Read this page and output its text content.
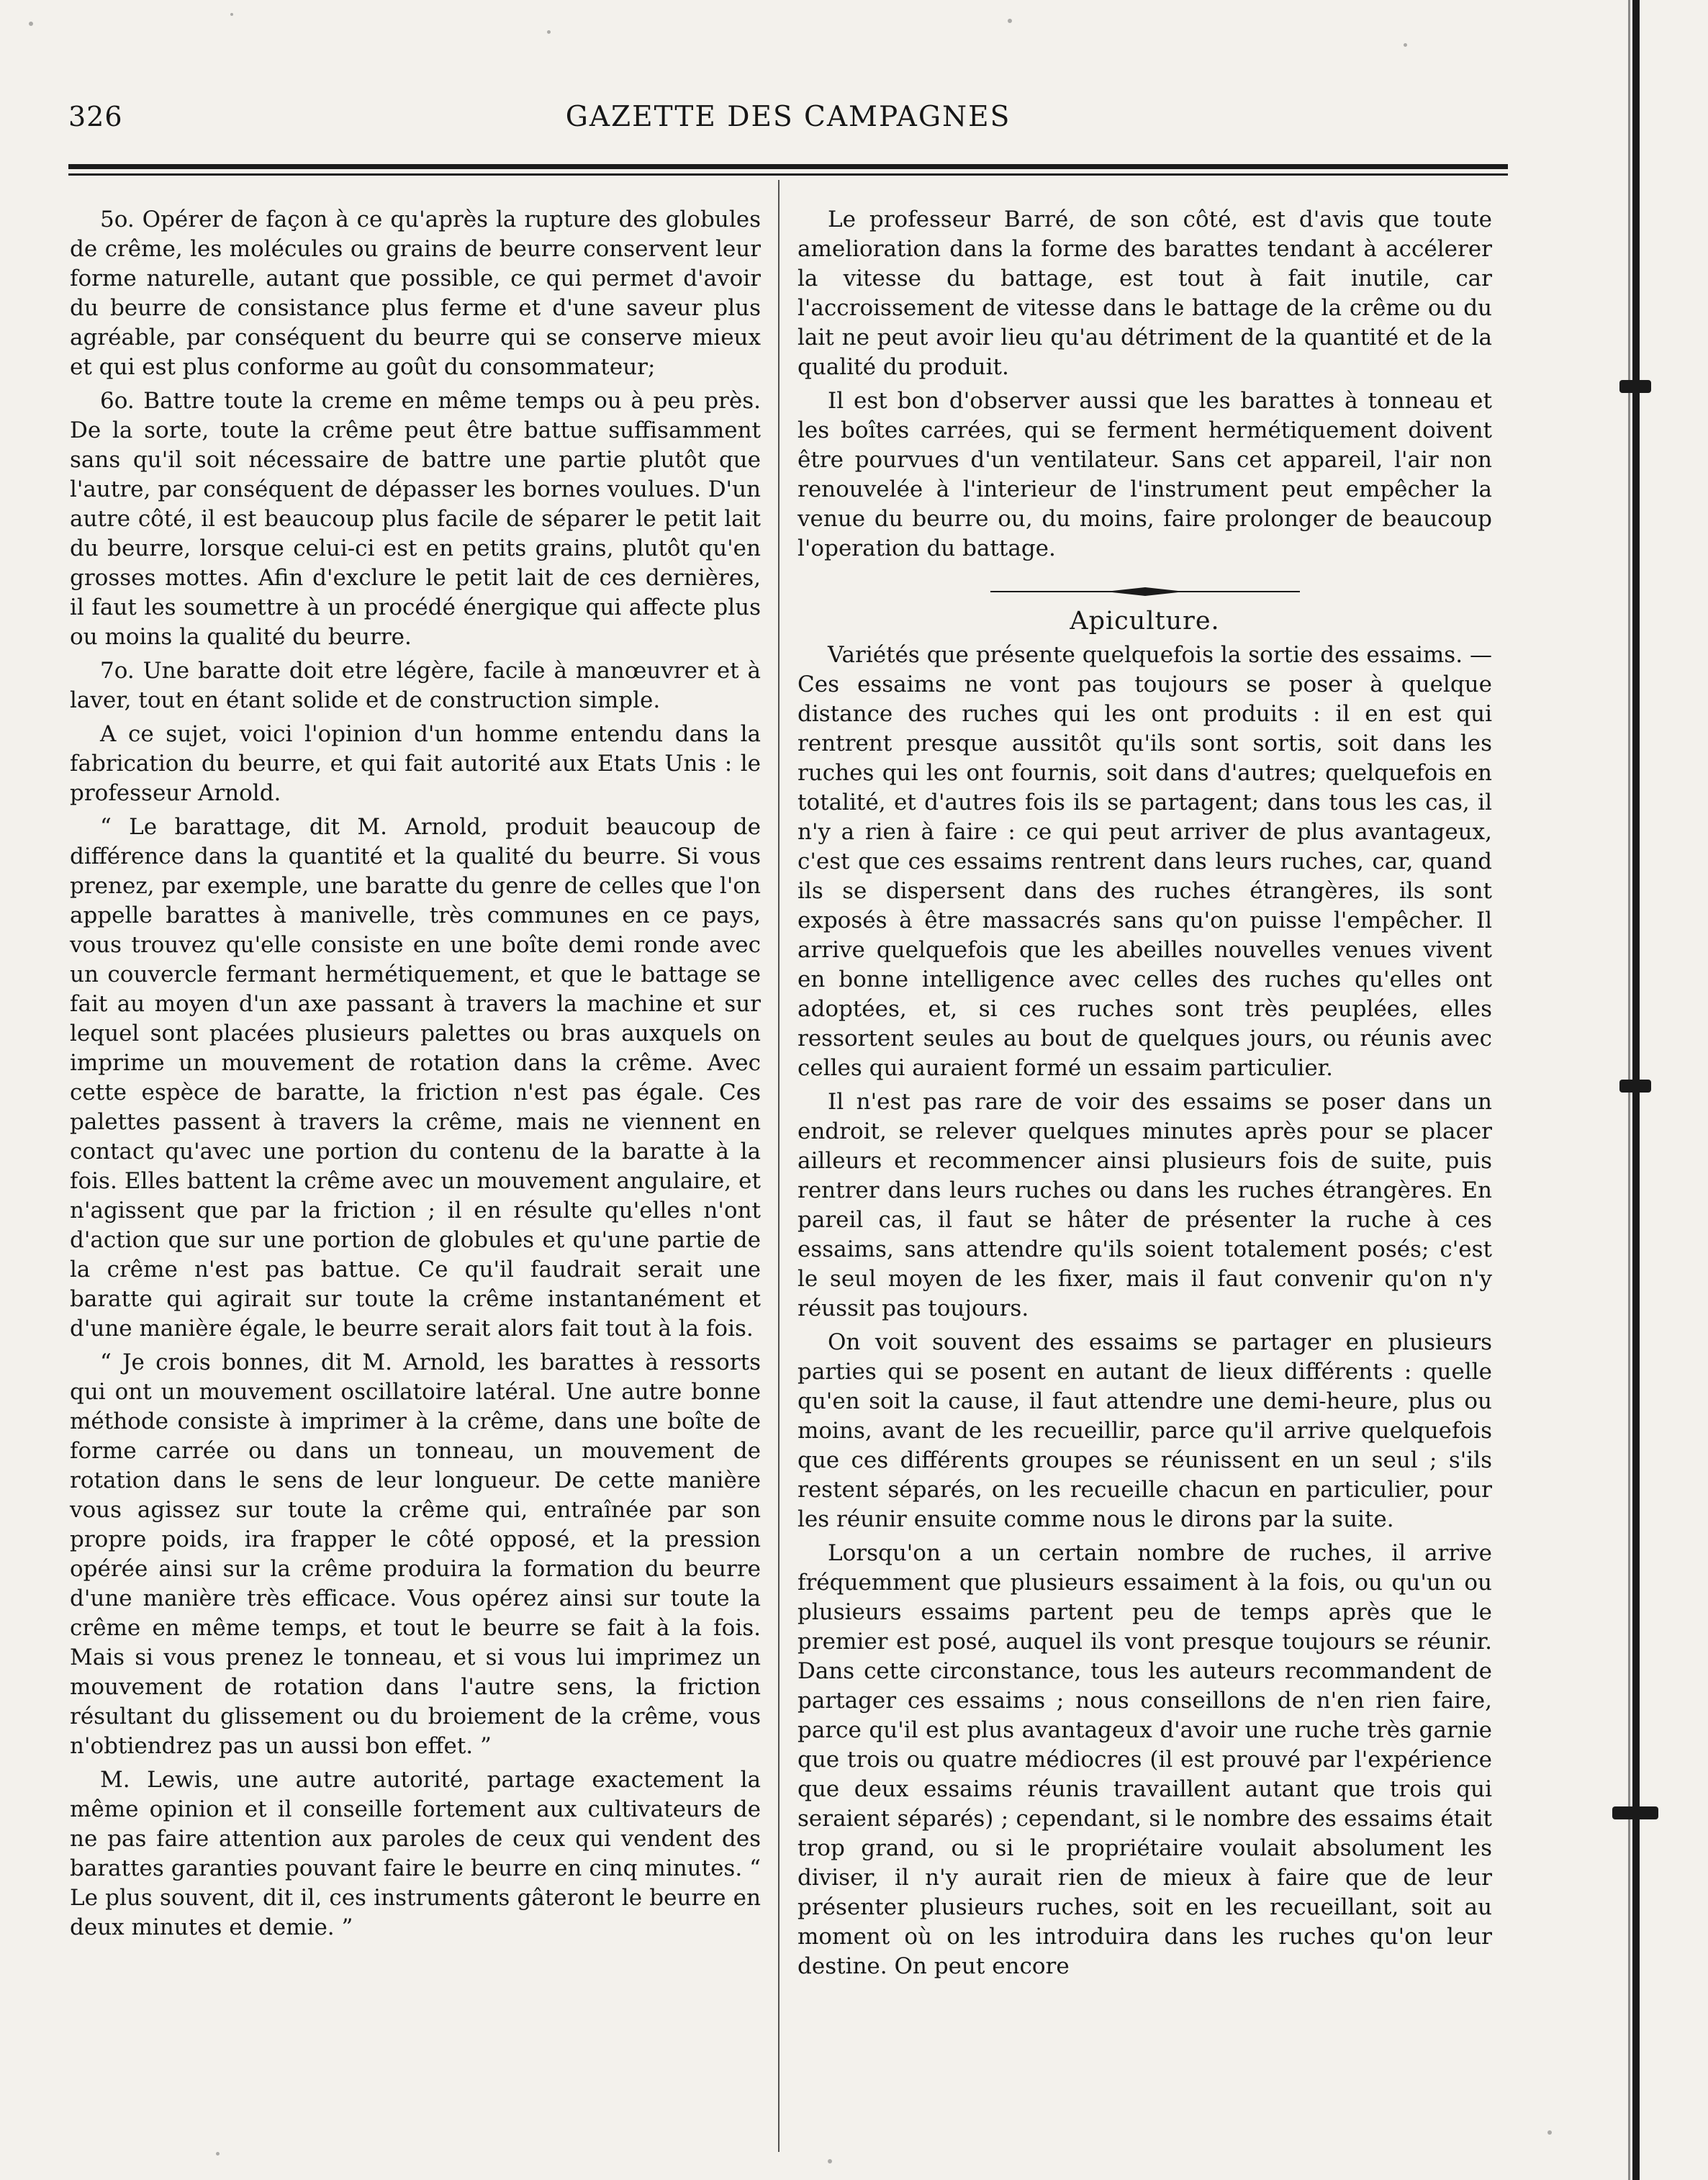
326	GAZETTE DES CAMPAGNES

5o. Opérer de façon à ce qu'après la rupture des globules de crême, les molécules ou grains de beurre conservent leur forme naturelle, autant que possible, ce qui permet d'avoir du beurre de consistance plus ferme et d'une saveur plus agréable, par conséquent du beurre qui se conserve mieux et qui est plus conforme au goût du consommateur;

6o. Battre toute la creme en même temps ou à peu près. De la sorte, toute la crême peut être battue suffisamment sans qu'il soit nécessaire de battre une partie plutôt que l'autre, par conséquent de dépasser les bornes voulues. D'un autre côté, il est beaucoup plus facile de séparer le petit lait du beurre, lorsque celui-ci est en petits grains, plutôt qu'en grosses mottes. Afin d'exclure le petit lait de ces dernières, il faut les soumettre à un procédé énergique qui affecte plus ou moins la qualité du beurre.

7o. Une baratte doit etre légère, facile à manœuvrer et à laver, tout en étant solide et de construction simple.

A ce sujet, voici l'opinion d'un homme entendu dans la fabrication du beurre, et qui fait autorité aux Etats Unis : le professeur Arnold.

“ Le barattage, dit M. Arnold, produit beaucoup de différence dans la quantité et la qualité du beurre. Si vous prenez, par exemple, une baratte du genre de celles que l'on appelle barattes à manivelle, très communes en ce pays, vous trouvez qu'elle consiste en une boîte demi ronde avec un couvercle fermant hermétiquement, et que le battage se fait au moyen d'un axe passant à travers la machine et sur lequel sont placées plusieurs palettes ou bras auxquels on imprime un mouvement de rotation dans la crême. Avec cette espèce de baratte, la friction n'est pas égale. Ces palettes passent à travers la crême, mais ne viennent en contact qu'avec une portion du contenu de la baratte à la fois. Elles battent la crême avec un mouvement angulaire, et n'agissent que par la friction ; il en résulte qu'elles n'ont d'action que sur une portion de globules et qu'une partie de la crême n'est pas battue. Ce qu'il faudrait serait une baratte qui agirait sur toute la crême instantanément et d'une manière égale, le beurre serait alors fait tout à la fois.

“ Je crois bonnes, dit M. Arnold, les barattes à ressorts qui ont un mouvement oscillatoire latéral. Une autre bonne méthode consiste à imprimer à la crême, dans une boîte de forme carrée ou dans un tonneau, un mouvement de rotation dans le sens de leur longueur. De cette manière vous agissez sur toute la crême qui, entraînée par son propre poids, ira frapper le côté opposé, et la pression opérée ainsi sur la crême produira la formation du beurre d'une manière très efficace. Vous opérez ainsi sur toute la crême en même temps, et tout le beurre se fait à la fois. Mais si vous prenez le tonneau, et si vous lui imprimez un mouvement de rotation dans l'autre sens, la friction résultant du glissement ou du broiement de la crême, vous n'obtiendrez pas un aussi bon effet. ”

M. Lewis, une autre autorité, partage exactement la même opinion et il conseille fortement aux cultivateurs de ne pas faire attention aux paroles de ceux qui vendent des barattes garanties pouvant faire le beurre en cinq minutes. “ Le plus souvent, dit il, ces instruments gâteront le beurre en deux minutes et demie. ”

Le professeur Barré, de son côté, est d'avis que toute amelioration dans la forme des barattes tendant à accélerer la vitesse du battage, est tout à fait inutile, car l'accroissement de vitesse dans le battage de la crême ou du lait ne peut avoir lieu qu'au détriment de la quantité et de la qualité du produit.

Il est bon d'observer aussi que les barattes à tonneau et les boîtes carrées, qui se ferment hermétiquement doivent être pourvues d'un ventilateur. Sans cet appareil, l'air non renouvelée à l'interieur de l'instrument peut empêcher la venue du beurre ou, du moins, faire prolonger de beaucoup l'operation du battage.

Apiculture.

Variétés que présente quelquefois la sortie des essaims. —Ces essaims ne vont pas toujours se poser à quelque distance des ruches qui les ont produits : il en est qui rentrent presque aussitôt qu'ils sont sortis, soit dans les ruches qui les ont fournis, soit dans d'autres; quelquefois en totalité, et d'autres fois ils se partagent; dans tous les cas, il n'y a rien à faire : ce qui peut arriver de plus avantageux, c'est que ces essaims rentrent dans leurs ruches, car, quand ils se dispersent dans des ruches étrangères, ils sont exposés à être massacrés sans qu'on puisse l'empêcher. Il arrive quelquefois que les abeilles nouvelles venues vivent en bonne intelligence avec celles des ruches qu'elles ont adoptées, et, si ces ruches sont très peuplées, elles ressortent seules au bout de quelques jours, ou réunis avec celles qui auraient formé un essaim particulier.

Il n'est pas rare de voir des essaims se poser dans un endroit, se relever quelques minutes après pour se placer ailleurs et recommencer ainsi plusieurs fois de suite, puis rentrer dans leurs ruches ou dans les ruches étrangères. En pareil cas, il faut se hâter de présenter la ruche à ces essaims, sans attendre qu'ils soient totalement posés; c'est le seul moyen de les fixer, mais il faut convenir qu'on n'y réussit pas toujours.

On voit souvent des essaims se partager en plusieurs parties qui se posent en autant de lieux différents : quelle qu'en soit la cause, il faut attendre une demi-heure, plus ou moins, avant de les recueillir, parce qu'il arrive quelquefois que ces différents groupes se réunissent en un seul ; s'ils restent séparés, on les recueille chacun en particulier, pour les réunir ensuite comme nous le dirons par la suite.

Lorsqu'on a un certain nombre de ruches, il arrive fréquemment que plusieurs essaiment à la fois, ou qu'un ou plusieurs essaims partent peu de temps après que le premier est posé, auquel ils vont presque toujours se réunir. Dans cette circonstance, tous les auteurs recommandent de partager ces essaims ; nous conseillons de n'en rien faire, parce qu'il est plus avantageux d'avoir une ruche très garnie que trois ou quatre médiocres (il est prouvé par l'expérience que deux essaims réunis travaillent autant que trois qui seraient séparés) ; cependant, si le nombre des essaims était trop grand, ou si le propriétaire voulait absolument les diviser, il n'y aurait rien de mieux à faire que de leur présenter plusieurs ruches, soit en les recueillant, soit au moment où on les introduira dans les ruches qu'on leur destine. On peut encore
